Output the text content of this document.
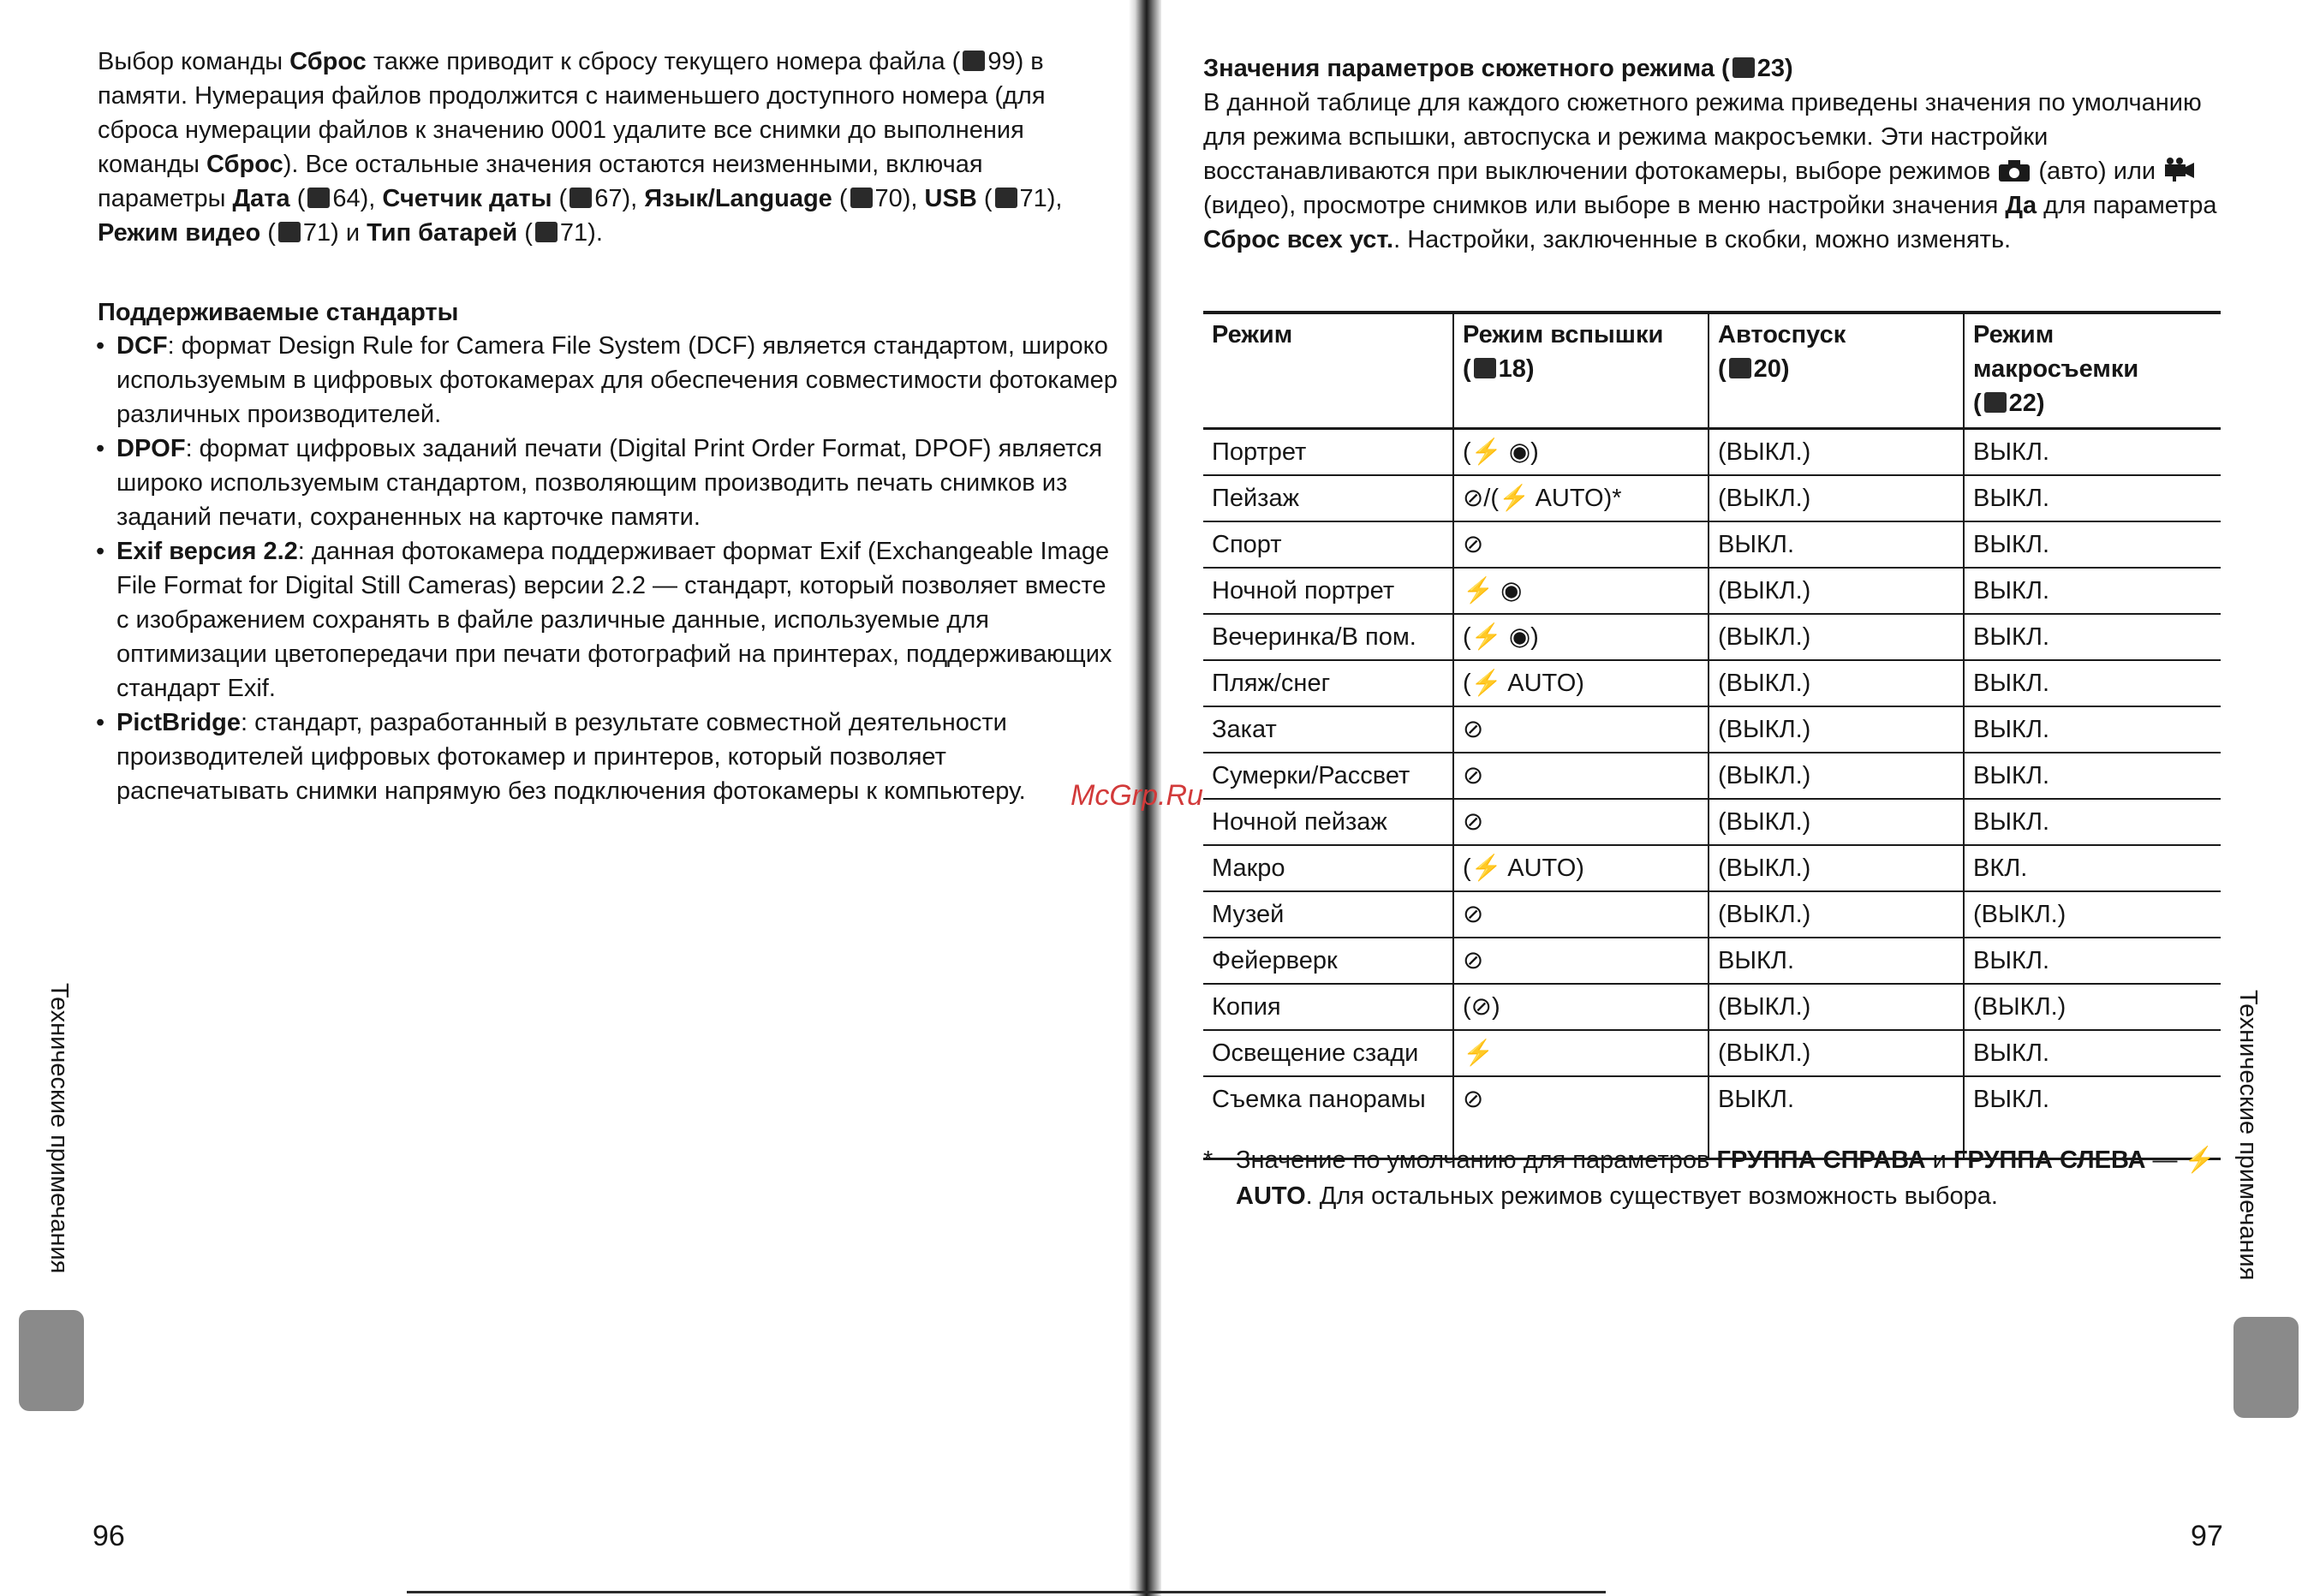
Выбор команды Сброс также приводит к сбросу текущего номера файла ( 99) в памяти. Нумерация файлов продолжится с наименьшего доступного номера (для сброса нумерации файлов к значению 0001 удалите все снимки до выполнения команды Сброс). Все остальные значения остаются неизменными, включая параметры Дата ( 64), Счетчик даты ( 67), Язык/Language ( 70), USB ( 71), Режим видео ( 71) и Тип батарей ( 71).

Поддерживаемые стандарты

• DCF: формат Design Rule for Camera File System (DCF) является стандартом, широко используемым в цифровых фотокамерах для обеспечения совместимости фотокамер различных производителей.
• DPOF: формат цифровых заданий печати (Digital Print Order Format, DPOF) является широко используемым стандартом, позволяющим производить печать снимков из заданий печати, сохраненных на карточке памяти.
• Exif версия 2.2: данная фотокамера поддерживает формат Exif (Exchangeable Image File Format for Digital Still Cameras) версии 2.2 — стандарт, который позволяет вместе с изображением сохранять в файле различные данные, используемые для оптимизации цветопередачи при печати фотографий на принтерах, поддерживающих стандарт Exif.
• PictBridge: стандарт, разработанный в результате совместной деятельности производителей цифровых фотокамер и принтеров, который позволяет распечатывать снимки напрямую без подключения фотокамеры к компьютеру.
Технические примечания
96
McGrp.Ru

Значения параметров сюжетного режима ( 23)

В данной таблице для каждого сюжетного режима приведены значения по умолчанию для режима вспышки, автоспуска и режима макросъемки. Эти настройки восстанавливаются при выключении фотокамеры, выборе режимов  (авто) или  (видео), просмотре снимков или выборе в меню настройки значения Да для параметра Сброс всех уст.. Настройки, заключенные в скобки, можно изменять.

Режим	Режим вспышки
( 18)	Автоспуск
( 20)	Режим макросъемки
( 22)
Портрет	(⚡ ◉)	(ВЫКЛ.)	ВЫКЛ.
Пейзаж	⊘/(⚡ AUTO)*	(ВЫКЛ.)	ВЫКЛ.
Спорт	⊘	ВЫКЛ.	ВЫКЛ.
Ночной портрет	⚡ ◉	(ВЫКЛ.)	ВЫКЛ.
Вечеринка/В пом.	(⚡ ◉)	(ВЫКЛ.)	ВЫКЛ.
Пляж/снег	(⚡ AUTO)	(ВЫКЛ.)	ВЫКЛ.
Закат	⊘	(ВЫКЛ.)	ВЫКЛ.
Сумерки/Рассвет	⊘	(ВЫКЛ.)	ВЫКЛ.
Ночной пейзаж	⊘	(ВЫКЛ.)	ВЫКЛ.
Макро	(⚡ AUTO)	(ВЫКЛ.)	ВКЛ.
Музей	⊘	(ВЫКЛ.)	(ВЫКЛ.)
Фейерверк	⊘	ВЫКЛ.	ВЫКЛ.
Копия	(⊘)	(ВЫКЛ.)	(ВЫКЛ.)
Освещение сзади	⚡	(ВЫКЛ.)	ВЫКЛ.
Съемка панорамы	⊘	ВЫКЛ.	ВЫКЛ.
* Значение по умолчанию для параметров ГРУППА СПРАВА и ГРУППА СЛЕВА — ⚡ AUTO. Для остальных режимов существует возможность выбора.	Технические примечания
97
